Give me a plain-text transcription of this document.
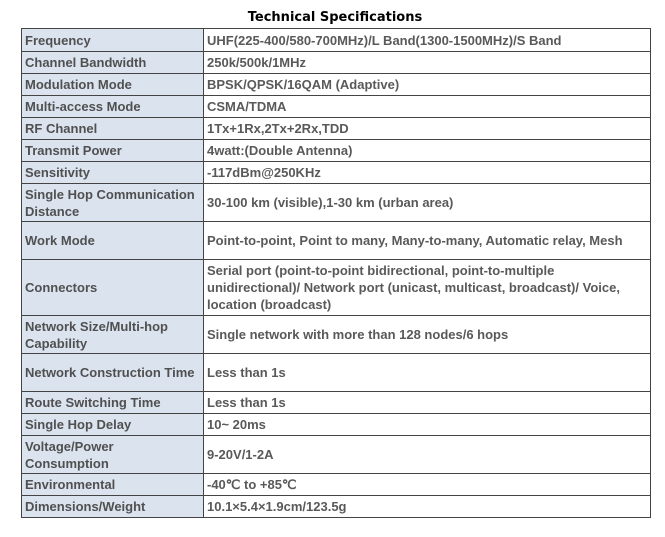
Technical Specifications
Frequency	UHF(225-400/580-700MHz)/L Band(1300-1500MHz)/S Band
Channel Bandwidth	250k/500k/1MHz
Modulation Mode	BPSK/QPSK/16QAM (Adaptive)
Multi-access Mode	CSMA/TDMA
RF Channel	1Tx+1Rx,2Tx+2Rx,TDD
Transmit Power	4watt:(Double Antenna)
Sensitivity	-117dBm@250KHz
Single Hop Communication Distance	30-100 km (visible),1-30 km (urban area)
Work Mode	Point-to-point, Point to many, Many-to-many, Automatic relay, Mesh
Connectors	Serial port (point-to-point bidirectional, point-to-multiple unidirectional)/ Network port (unicast, multicast, broadcast)/ Voice, location (broadcast)
Network Size/Multi-hop Capability	Single network with more than 128 nodes/6 hops
Network Construction Time	Less than 1s
Route Switching Time	Less than 1s
Single Hop Delay	10~ 20ms
Voltage/Power Consumption	9-20V/1-2A
Environmental	-40℃ to +85℃
Dimensions/Weight	10.1×5.4×1.9cm/123.5g
